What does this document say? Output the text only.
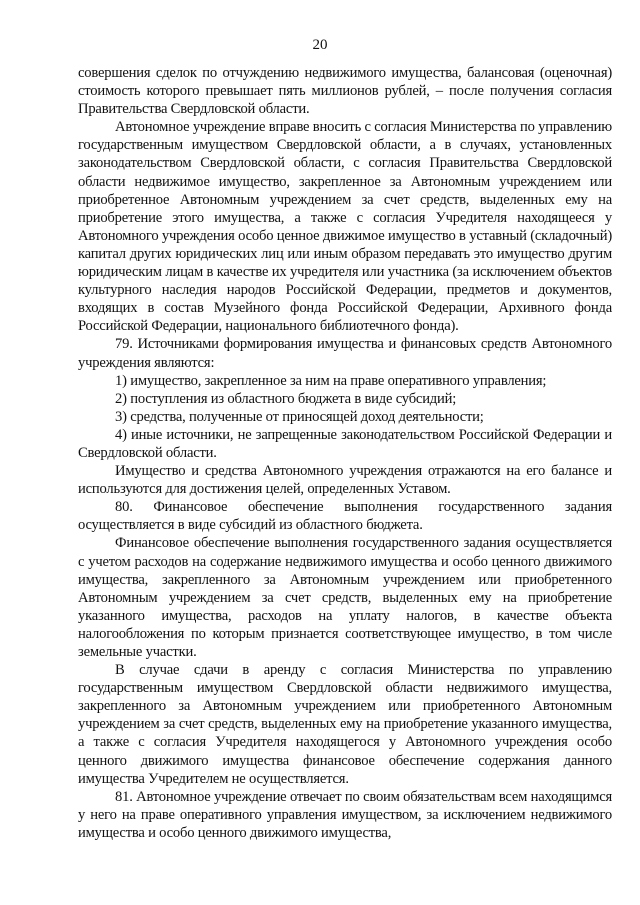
20

совершения сделок по отчуждению недвижимого имущества, балансовая (оценочная) стоимость которого превышает пять миллионов рублей, – после получения согласия Правительства Свердловской области.

Автономное учреждение вправе вносить с согласия Министерства по управлению государственным имуществом Свердловской области, а в случаях, установленных законодательством Свердловской области, с согласия Правительства Свердловской области недвижимое имущество, закрепленное за Автономным учреждением или приобретенное Автономным учреждением за счет средств, выделенных ему на приобретение этого имущества, а также с согласия Учредителя находящееся у Автономного учреждения особо ценное движимое имущество в уставный (складочный) капитал других юридических лиц или иным образом передавать это имущество другим юридическим лицам в качестве их учредителя или участника (за исключением объектов культурного наследия народов Российской Федерации, предметов и документов, входящих в состав Музейного фонда Российской Федерации, Архивного фонда Российской Федерации, национального библиотечного фонда).

79. Источниками формирования имущества и финансовых средств Автономного учреждения являются:

1) имущество, закрепленное за ним на праве оперативного управления;

2) поступления из областного бюджета в виде субсидий;

3) средства, полученные от приносящей доход деятельности;

4) иные источники, не запрещенные законодательством Российской Федерации и Свердловской области.

Имущество и средства Автономного учреждения отражаются на его балансе и используются для достижения целей, определенных Уставом.

80. Финансовое обеспечение выполнения государственного задания осуществляется в виде субсидий из областного бюджета.

Финансовое обеспечение выполнения государственного задания осуществляется с учетом расходов на содержание недвижимого имущества и особо ценного движимого имущества, закрепленного за Автономным учреждением или приобретенного Автономным учреждением за счет средств, выделенных ему на приобретение указанного имущества, расходов на уплату налогов, в качестве объекта налогообложения по которым признается соответствующее имущество, в том числе земельные участки.

В случае сдачи в аренду с согласия Министерства по управлению государственным имуществом Свердловской области недвижимого имущества, закрепленного за Автономным учреждением или приобретенного Автономным учреждением за счет средств, выделенных ему на приобретение указанного имущества, а также с согласия Учредителя находящегося у Автономного учреждения особо ценного движимого имущества финансовое обеспечение содержания данного имущества Учредителем не осуществляется.

81. Автономное учреждение отвечает по своим обязательствам всем находящимся у него на праве оперативного управления имуществом, за исключением недвижимого имущества и особо ценного движимого имущества,
